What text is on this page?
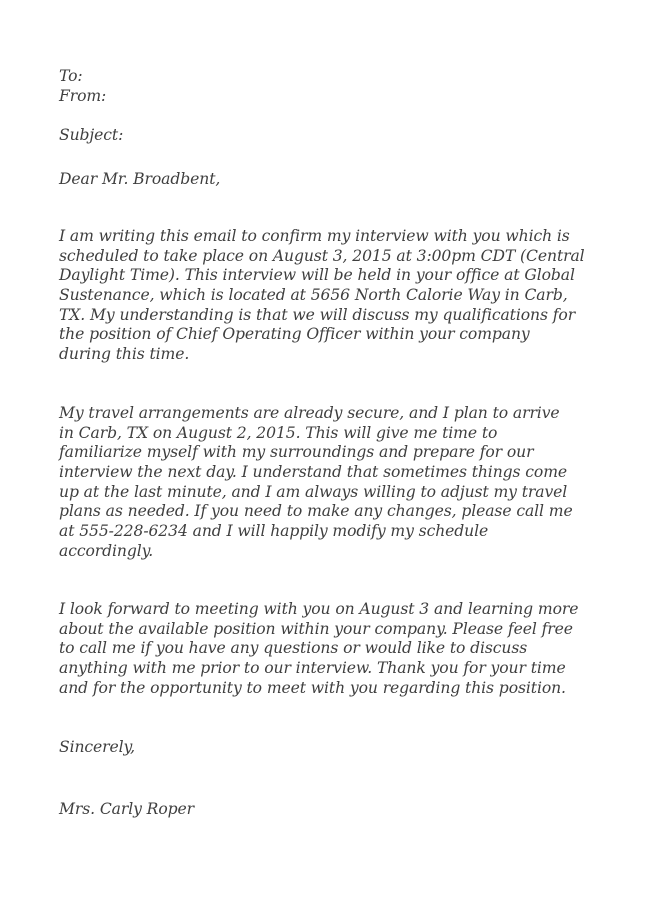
To:
From:
Subject:
Dear Mr. Broadbent,
I am writing this email to confirm my interview with you which is
scheduled to take place on August 3, 2015 at 3:00pm CDT (Central
Daylight Time). This interview will be held in your office at Global
Sustenance, which is located at 5656 North Calorie Way in Carb,
TX. My understanding is that we will discuss my qualifications for
the position of Chief Operating Officer within your company
during this time.
My travel arrangements are already secure, and I plan to arrive
in Carb, TX on August 2, 2015. This will give me time to
familiarize myself with my surroundings and prepare for our
interview the next day. I understand that sometimes things come
up at the last minute, and I am always willing to adjust my travel
plans as needed. If you need to make any changes, please call me
at 555-228-6234 and I will happily modify my schedule
accordingly.
I look forward to meeting with you on August 3 and learning more
about the available position within your company. Please feel free
to call me if you have any questions or would like to discuss
anything with me prior to our interview. Thank you for your time
and for the opportunity to meet with you regarding this position.
Sincerely,
Mrs. Carly Roper
